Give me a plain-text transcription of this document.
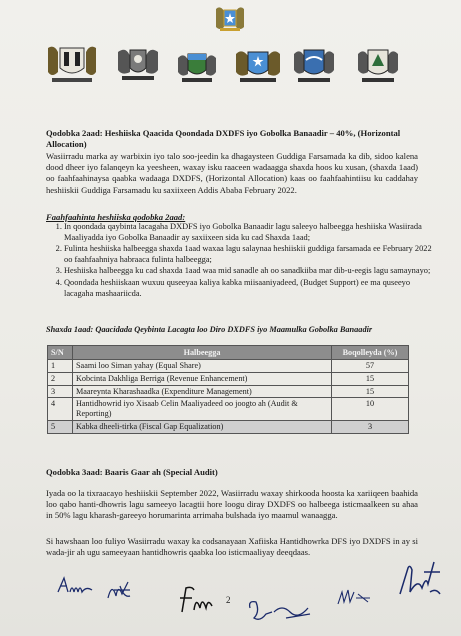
Qodobka 2aad: Heshiiska Qaacida Qoondada DXDFS iyo Gobolka Banaadir – 40%, (Horizontal Allocation)
Wasiirradu marka ay warbixin iyo talo soo-jeedin ka dhagaysteen Guddiga Farsamada ka dib, sidoo kalena dood dheer iyo falanqeyn ka yeesheen, waxay isku raaceen wadaagga shaxda hoos ku xusan, (shaxda 1aad) oo faahfaahinaysa qaabka wadaaga DXDFS, (Horizontal Allocation) kaas oo faahfaahintiisu ku caddahay heshiiskii Guddiga Farsamadu ku saxiixeen Addis Ababa February 2022.
Faahfaahinta heshiiska qodobka 2aad:
1. In qoondada qaybinta lacagaha DXDFS iyo Gobolka Banaadir lagu saleeyo halbeegga heshiiska Wasiirada Maaliyadda iyo Gobolka Banaadir ay saxiixeen sida ku cad Shaxda 1aad;
2. Fulinta heshiiska halbeegga shaxda 1aad waxaa lagu salaynaa heshiiskii guddiga farsamada ee February 2022 oo faahfaahniya habraaca fulinta halbeegga;
3. Heshiiska halbeegga ku cad shaxda 1aad waa mid sanadle ah oo sanadkiiba mar dib-u-eegis lagu samaynayo;
4. Qoondada heshiiskaan wuxuu quseeyaa kaliya kabka miisaaniyadeed, (Budget Support) ee ma quseeyo lacagaha mashaariicda.
Shaxda 1aad: Qaacidada Qeybinta Lacagta loo Diro DXDFS iyo Maamulka Gobolka Banaadir
S/N	Halbeegga	Boqolleyda (%)
1	Saami loo Siman yahay (Equal Share)	57
2	Kobcinta Dakhliga Berriga (Revenue Enhancement)	15
3	Maareynta Kharashaadka (Expenditure Management)	15
4	Hantidhowrid iyo Xisaab Celin Maaliyadeed oo joogto ah (Audit & Reporting)	10
5	Kabka dheeli-tirka (Fiscal Gap Equalization)	3
Qodobka 3aad: Baaris Gaar ah (Special Audit)
Iyada oo la tixraacayo heshiiskii September 2022, Wasiirradu waxay shirkooda hoosta ka xariiqeen baahida loo qabo hanti-dhowris lagu sameeyo lacagtii hore loogu diray DXDFS oo halbeega isticmaalkeen su ahaa in 50% lagu kharash-gareeyo horumarinta arrimaha bulshada iyo maamul wanaagga.
Si hawshaan loo fuliyo Wasiirradu waxay ka codsanayaan Xafiiska Hantidhowrka DFS iyo DXDFS in ay si wada-jir ah ugu sameeyaan hantidhowris qaabka loo isticmaaliyay deeqdaas.
2
